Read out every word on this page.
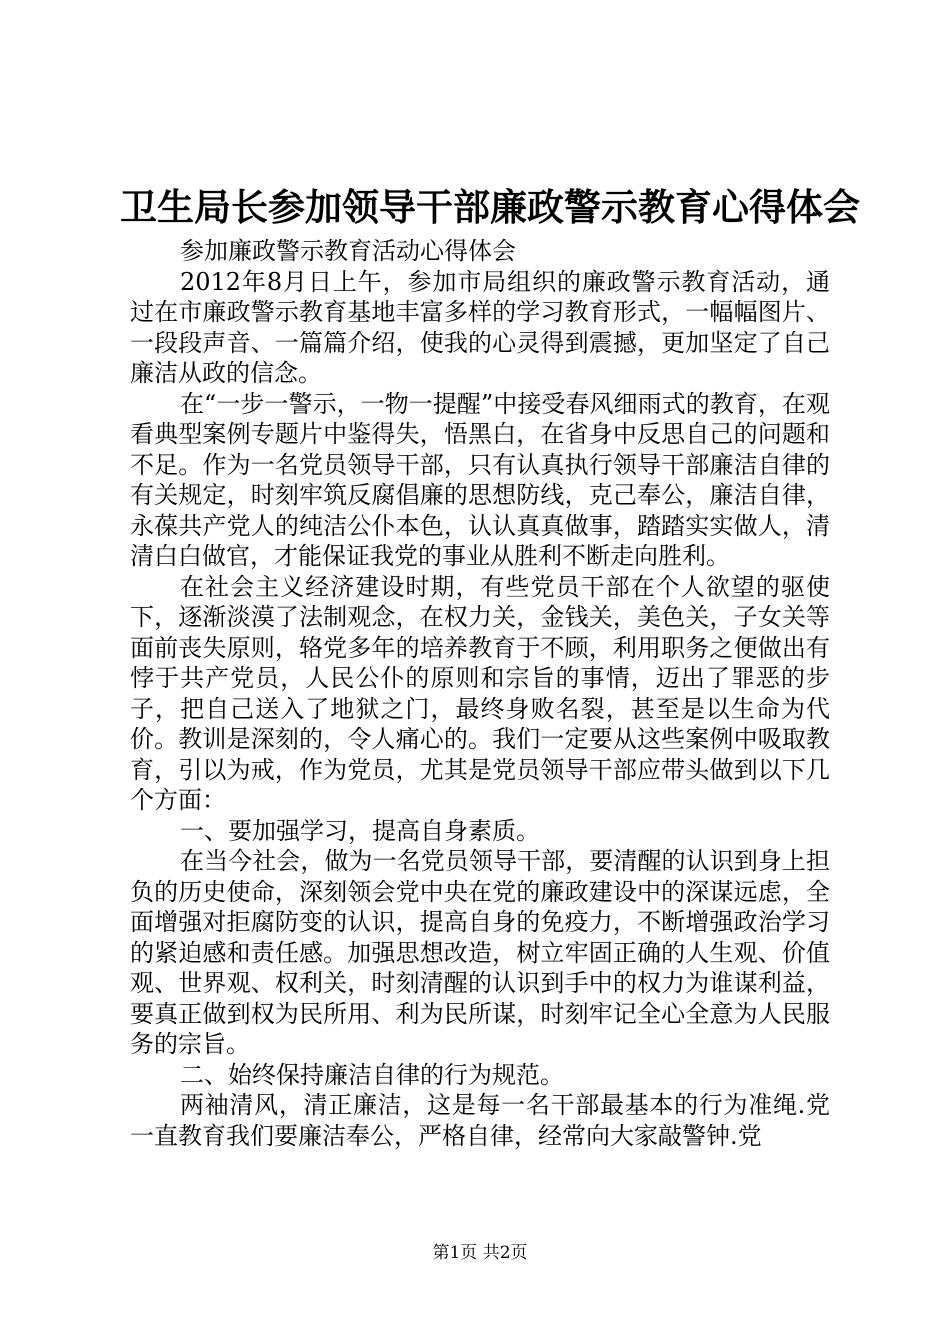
卫生局长参加领导干部廉政警示教育心得体会

参加廉政警示教育活动心得体会

2012年8月日上午，参加市局组织的廉政警示教育活动，通过在市廉政警示教育基地丰富多样的学习教育形式，一幅幅图片、一段段声音、一篇篇介绍，使我的心灵得到震撼，更加坚定了自己廉洁从政的信念。

在“一步一警示，一物一提醒”中接受春风细雨式的教育，在观看典型案例专题片中鉴得失，悟黑白，在省身中反思自己的问题和不足。作为一名党员领导干部，只有认真执行领导干部廉洁自律的有关规定，时刻牢筑反腐倡廉的思想防线，克己奉公，廉洁自律，永葆共产党人的纯洁公仆本色，认认真真做事，踏踏实实做人，清清白白做官，才能保证我党的事业从胜利不断走向胜利。

在社会主义经济建设时期，有些党员干部在个人欲望的驱使下，逐渐淡漠了法制观念，在权力关，金钱关，美色关，子女关等面前丧失原则，辂党多年的培养教育于不顾，利用职务之便做出有悖于共产党员，人民公仆的原则和宗旨的事情，迈出了罪恶的步子，把自己送入了地狱之门，最终身败名裂，甚至是以生命为代价。教训是深刻的，令人痛心的。我们一定要从这些案例中吸取教育，引以为戒，作为党员，尤其是党员领导干部应带头做到以下几个方面：

一、要加强学习，提高自身素质。

在当今社会，做为一名党员领导干部，要清醒的认识到身上担负的历史使命，深刻领会党中央在党的廉政建设中的深谋远虑，全面增强对拒腐防变的认识，提高自身的免疫力，不断增强政治学习的紧迫感和责任感。加强思想改造，树立牢固正确的人生观、价值观、世界观、权利关，时刻清醒的认识到手中的权力为谁谋利益，要真正做到权为民所用、利为民所谋，时刻牢记全心全意为人民服务的宗旨。

二、始终保持廉洁自律的行为规范。

两袖清风，清正廉洁，这是每一名干部最基本的行为准绳.党一直教育我们要廉洁奉公，严格自律，经常向大家敲警钟.党

第1页 共2页
